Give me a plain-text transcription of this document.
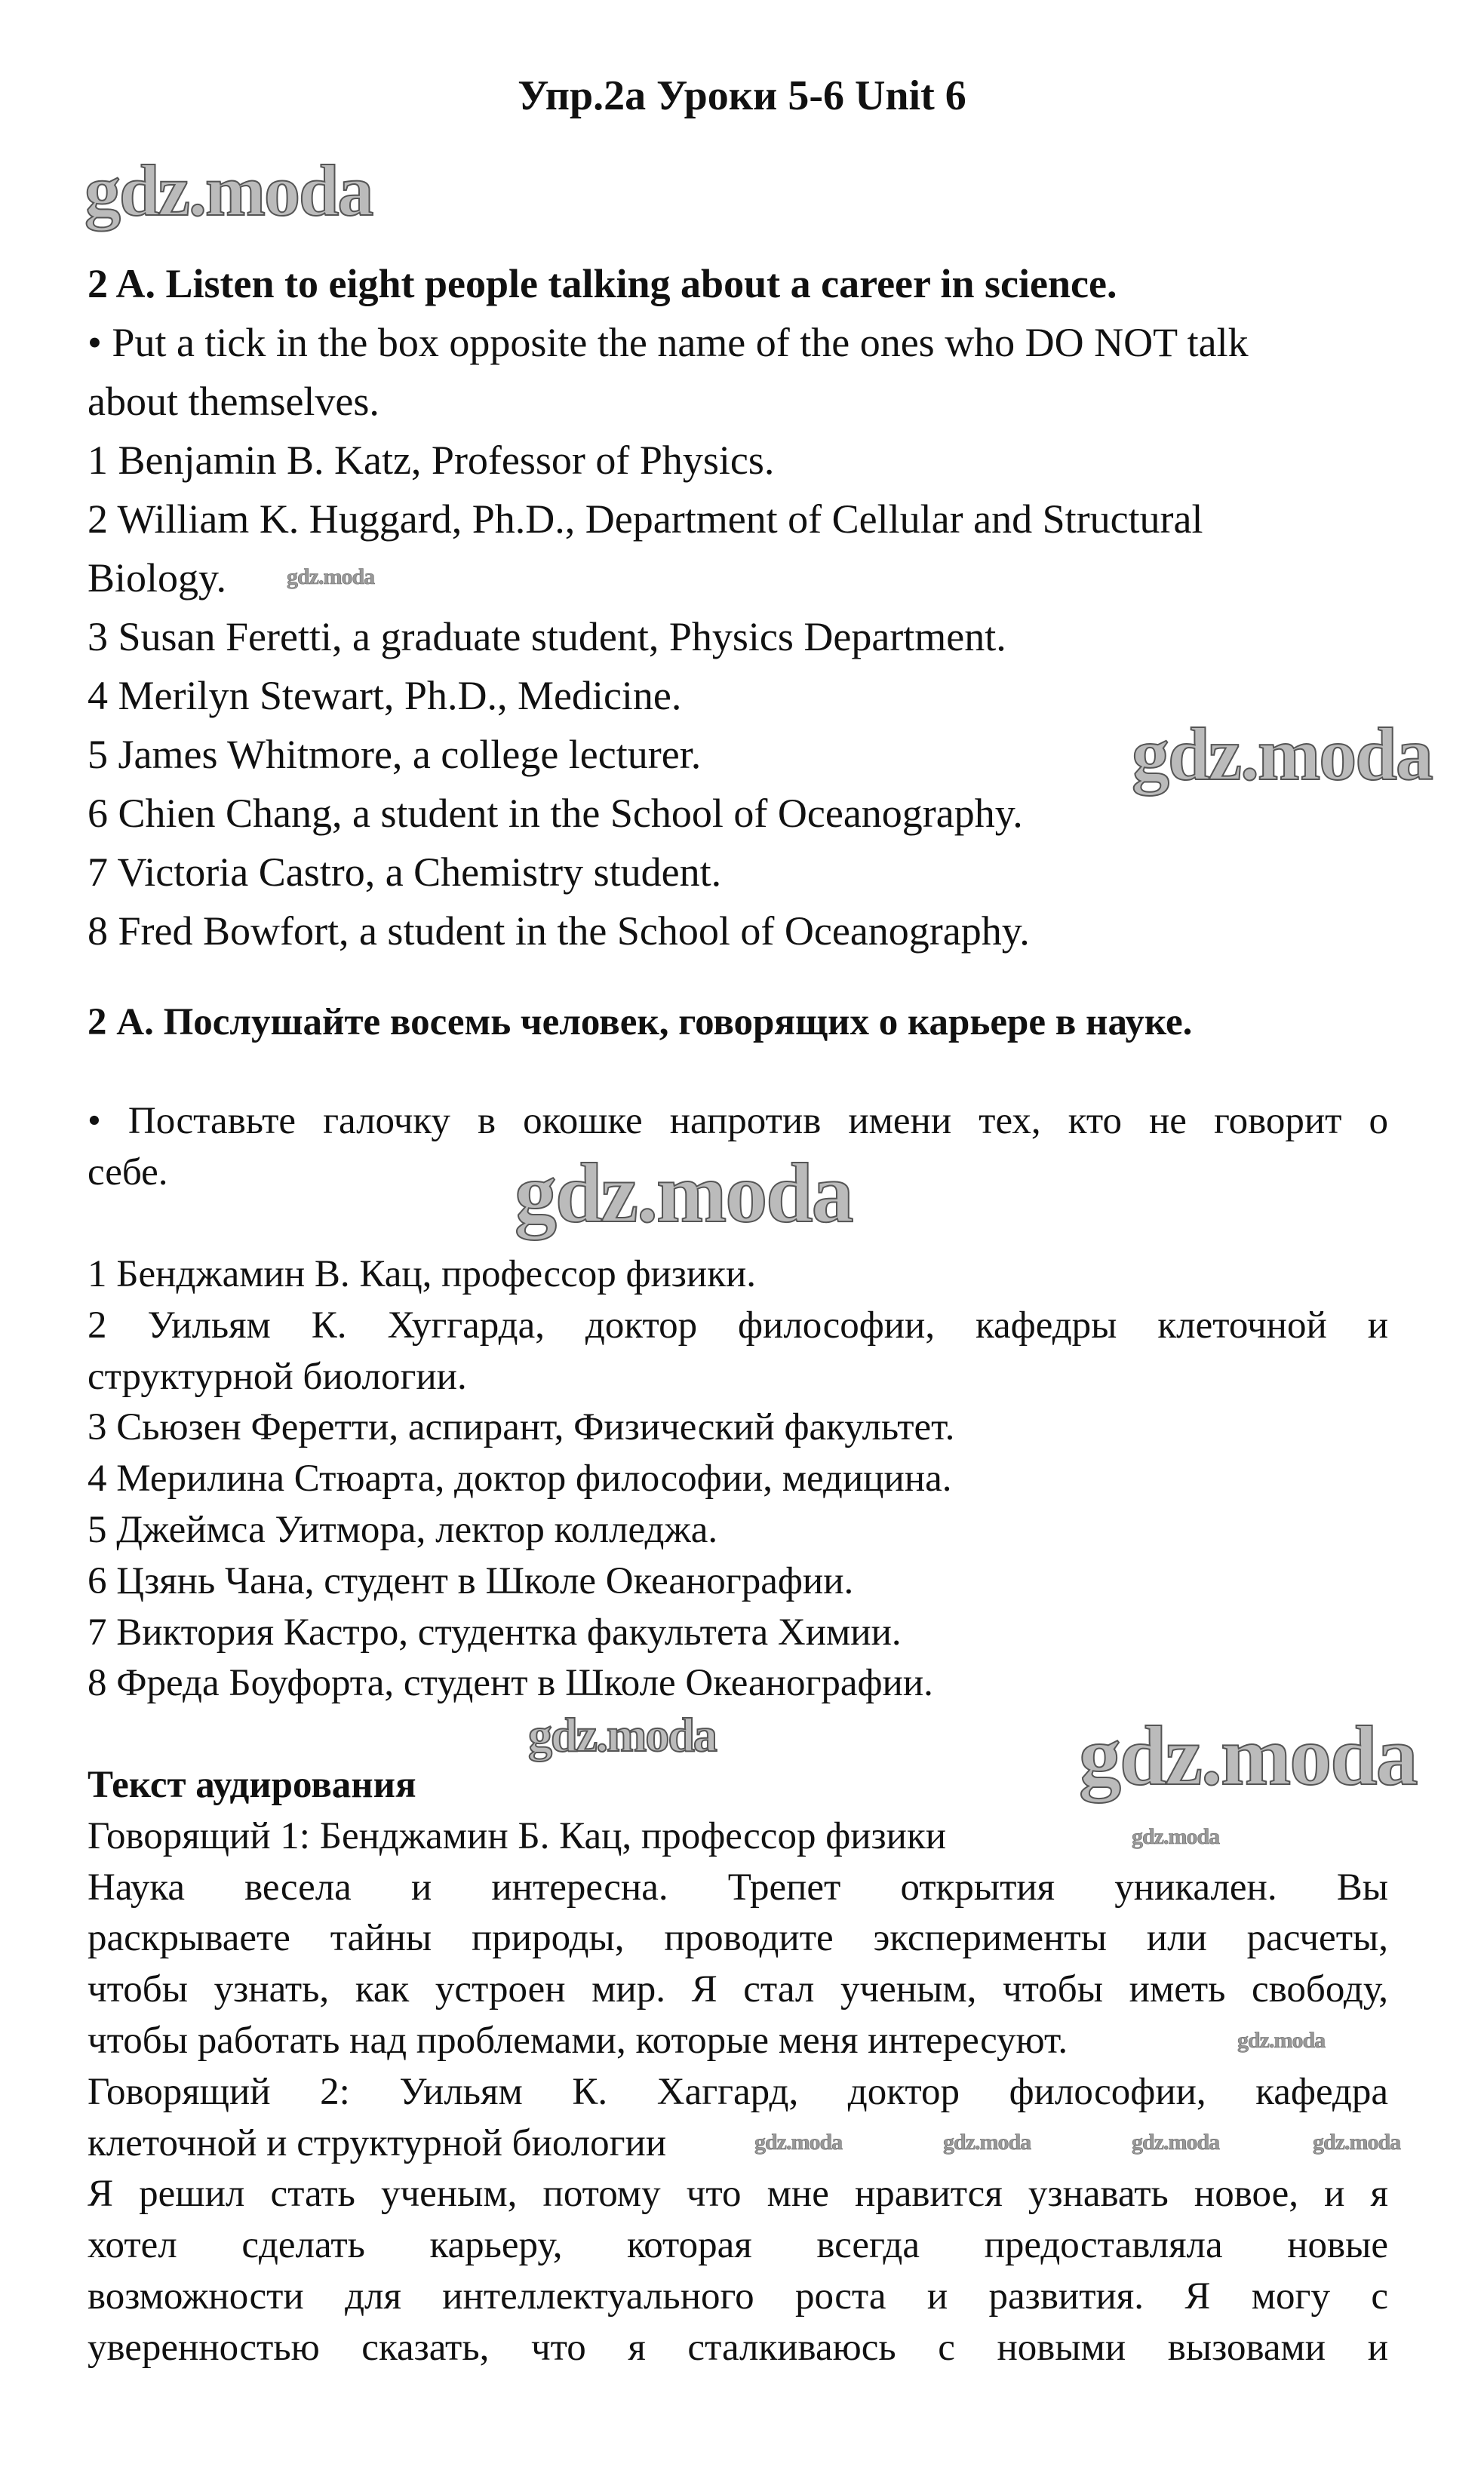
Упр.2а Уроки 5-6 Unit 6
2 A. Listen to eight people talking about a career in science.
• Put a tick in the box opposite the name of the ones who DO NOT talk
about themselves.
1 Benjamin B. Katz, Professor of Physics.
2 William K. Huggard, Ph.D., Department of Cellular and Structural
Biology.
3 Susan Feretti, a graduate student, Physics Department.
4 Merilyn Stewart, Ph.D., Medicine.
5 James Whitmore, a college lecturer.
6 Chien Chang, a student in the School of Oceanography.
7 Victoria Castro, a Chemistry student.
8 Fred Bowfort, a student in the School of Oceanography.
2 А. Послушайте восемь человек, говорящих о карьере в науке.
• Поставьте галочку в окошке напротив имени тех, кто не говорит о
себе.
1 Бенджамин В. Кац, профессор физики.
2 Уильям К. Хуггарда, доктор философии, кафедры клеточной и
структурной биологии.
3 Сьюзен Феретти, аспирант, Физический факультет.
4 Мерилина Стюарта, доктор философии, медицина.
5 Джеймса Уитмора, лектор колледжа.
6 Цзянь Чана, студент в Школе Океанографии.
7 Виктория Кастро, студентка факультета Химии.
8 Фреда Боуфорта, студент в Школе Океанографии.
Текст аудирования
Говорящий 1: Бенджамин Б. Кац, профессор физики
Наука весела и интересна. Трепет открытия уникален. Вы
раскрываете тайны природы, проводите эксперименты или расчеты,
чтобы узнать, как устроен мир. Я стал ученым, чтобы иметь свободу,
чтобы работать над проблемами, которые меня интересуют.
Говорящий 2: Уильям К. Хаггард, доктор философии, кафедра
клеточной и структурной биологии
Я решил стать ученым, потому что мне нравится узнавать новое, и я
хотел сделать карьеру, которая всегда предоставляла новые
возможности для интеллектуального роста и развития. Я могу с
уверенностью сказать, что я сталкиваюсь с новыми вызовами и
gdz.moda
gdz.moda
gdz.moda
gdz.moda	gdz.moda
gdz.moda
gdz.moda
gdz.moda
gdz.moda	gdz.moda	gdz.moda	gdz.moda
